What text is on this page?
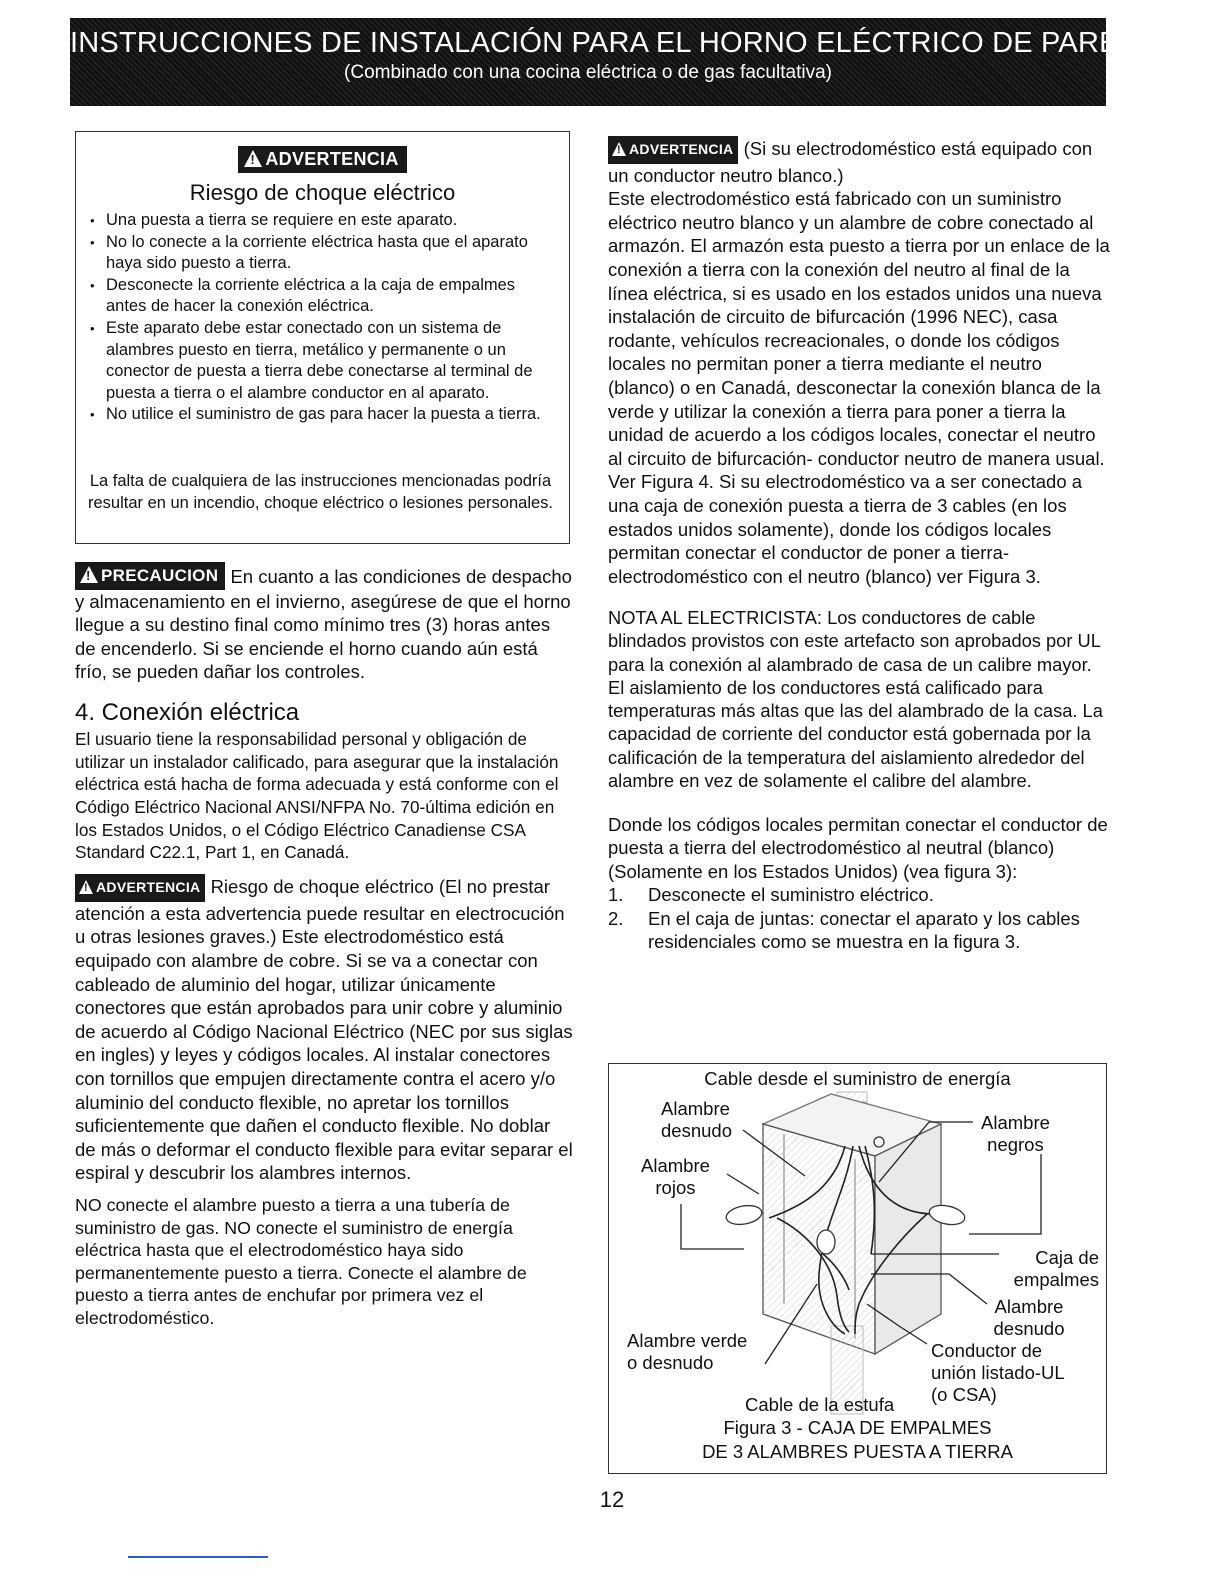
INSTRUCCIONES DE INSTALACIÓN PARA EL HORNO ELÉCTRICO DE PARED
(Combinado con una cocina eléctrica o de gas facultativa)
!ADVERTENCIA
Riesgo de choque eléctrico
• Una puesta a tierra se requiere en este aparato.
• No lo conecte a la corriente eléctrica hasta que el aparato haya sido puesto a tierra.
• Desconecte la corriente eléctrica a la caja de empalmes antes de hacer la conexión eléctrica.
• Este aparato debe estar conectado con un sistema de alambres puesto en tierra, metálico y permanente o un conector de puesta a tierra debe conectarse al terminal de puesta a tierra o el alambre conductor en al aparato.
• No utilice el suministro de gas para hacer la puesta a tierra.
La falta de cualquiera de las instrucciones mencionadas podría resultar en un incendio, choque eléctrico o lesiones personales.

!PRECAUCION En cuanto a las condiciones de despacho y almacenamiento en el invierno, asegúrese de que el horno llegue a su destino final como mínimo tres (3) horas antes de encenderlo. Si se enciende el horno cuando aún está frío, se pueden dañar los controles.

4. Conexión eléctrica

El usuario tiene la responsabilidad personal y obligación de utilizar un instalador calificado, para asegurar que la instalación eléctrica está hacha de forma adecuada y está conforme con el Código Eléctrico Nacional ANSI/NFPA No. 70-última edición en los Estados Unidos, o el Código Eléctrico Canadiense CSA Standard C22.1, Part 1, en Canadá.

!ADVERTENCIA Riesgo de choque eléctrico (El no prestar atención a esta advertencia puede resultar en electrocución u otras lesiones graves.) Este electrodoméstico está equipado con alambre de cobre. Si se va a conectar con cableado de aluminio del hogar, utilizar únicamente conectores que están aprobados para unir cobre y aluminio de acuerdo al Código Nacional Eléctrico (NEC por sus siglas en ingles) y leyes y códigos locales. Al instalar conectores con tornillos que empujen directamente contra el acero y/o aluminio del conducto flexible, no apretar los tornillos suficientemente que dañen el conducto flexible. No doblar de más o deformar el conducto flexible para evitar separar el espiral y descubrir los alambres internos.

NO conecte el alambre puesto a tierra a una tubería de suministro de gas. NO conecte el suministro de energía eléctrica hasta que el electrodoméstico haya sido permanentemente puesto a tierra. Conecte el alambre de puesto a tierra antes de enchufar por primera vez el electrodoméstico.

!ADVERTENCIA (Si su electrodoméstico está equipado con un conductor neutro blanco.)

Este electrodoméstico está fabricado con un suministro eléctrico neutro blanco y un alambre de cobre conectado al armazón. El armazón esta puesto a tierra por un enlace de la conexión a tierra con la conexión del neutro al final de la línea eléctrica, si es usado en los estados unidos una nueva instalación de circuito de bifurcación (1996 NEC), casa rodante, vehículos recreacionales, o donde los códigos locales no permitan poner a tierra mediante el neutro (blanco) o en Canadá, desconectar la conexión blanca de la verde y utilizar la conexión a tierra para poner a tierra la unidad de acuerdo a los códigos locales, conectar el neutro al circuito de bifurcación- conductor neutro de manera usual. Ver Figura 4. Si su electrodoméstico va a ser conectado a una caja de conexión puesta a tierra de 3 cables (en los estados unidos solamente), donde los códigos locales permitan conectar el conductor de poner a tierra-electrodoméstico con el neutro (blanco) ver Figura 3.

NOTA AL ELECTRICISTA: Los conductores de cable blindados provistos con este artefacto son aprobados por UL para la conexión al alambrado de casa de un calibre mayor. El aislamiento de los conductores está calificado para temperaturas más altas que las del alambrado de la casa. La capacidad de corriente del conductor está gobernada por la calificación de la temperatura del aislamiento alrededor del alambre en vez de solamente el calibre del alambre.

Donde los códigos locales permitan conectar el conductor de puesta a tierra del electrodoméstico al neutral (blanco) (Solamente en los Estados Unidos) (vea figura 3):

1. Desconecte el suministro eléctrico.
2. En el caja de juntas: conectar el aparato y los cables residenciales como se muestra en la figura 3.
Cable desde el suministro de energía
Alambre
desnudo	Alambre
negros
Alambre
rojos
Caja de
empalmes
Alambre
desnudo
Alambre verde
o desnudo
Conductor de
unión listado-UL
(o CSA)
Cable de la estufa
Figura 3 - CAJA DE EMPALMES
DE 3 ALAMBRES PUESTA A TIERRA
12
